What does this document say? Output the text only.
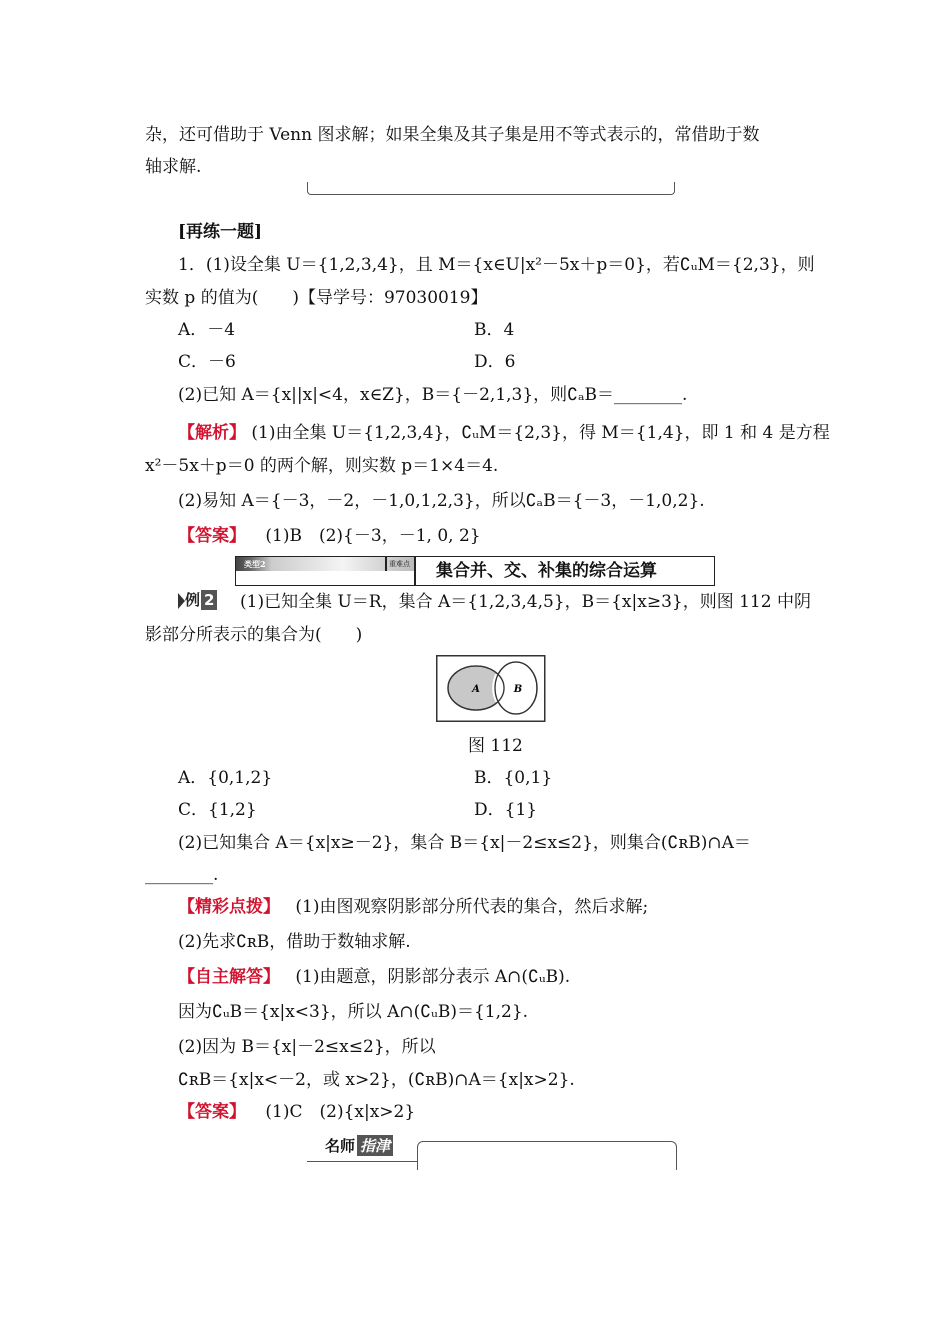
杂，还可借助于 Venn 图求解；如果全集及其子集是用不等式表示的，常借助于数
轴求解.
[再练一题]
1．(1)设全集 U＝{1,2,3,4}，且 M＝{x∈U|x²－5x＋p＝0}，若∁ᵤM＝{2,3}，则
实数 p 的值为(　　)【导学号：97030019】
A．－4	B．4
C．－6	D．6
(2)已知 A＝{x||x|<4，x∈Z}，B＝{－2,1,3}，则∁ₐB＝________.
【解析】 (1)由全集 U＝{1,2,3,4}，∁ᵤM＝{2,3}，得 M＝{1,4}，即 1 和 4 是方程
x²－5x＋p＝0 的两个解，则实数 p＝1×4＝4.
(2)易知 A＝{－3，－2，－1,0,1,2,3}，所以∁ₐB＝{－3，－1,0,2}.
【答案】 (1)B　(2){－3，－1, 0, 2}
类型2	重难点 集合并、交、补集的综合运算
例 2 (1)已知全集 U＝R，集合 A＝{1,2,3,4,5}，B＝{x|x≥3}，则图 112 中阴
影部分所表示的集合为(　　)
A	B
图 112
A．{0,1,2}	B．{0,1}
C．{1,2}	D．{1}
(2)已知集合 A＝{x|x≥－2}，集合 B＝{x|－2≤x≤2}，则集合(∁ʀB)∩A＝
________.
【精彩点拨】 (1)由图观察阴影部分所代表的集合，然后求解;
(2)先求∁ʀB，借助于数轴求解.
【自主解答】 (1)由题意，阴影部分表示 A∩(∁ᵤB).
因为∁ᵤB＝{x|x<3}，所以 A∩(∁ᵤB)＝{1,2}.
(2)因为 B＝{x|－2≤x≤2}，所以
∁ʀB＝{x|x<－2，或 x>2}，(∁ʀB)∩A＝{x|x>2}.
【答案】 (1)C　(2){x|x>2}
名师 指津
